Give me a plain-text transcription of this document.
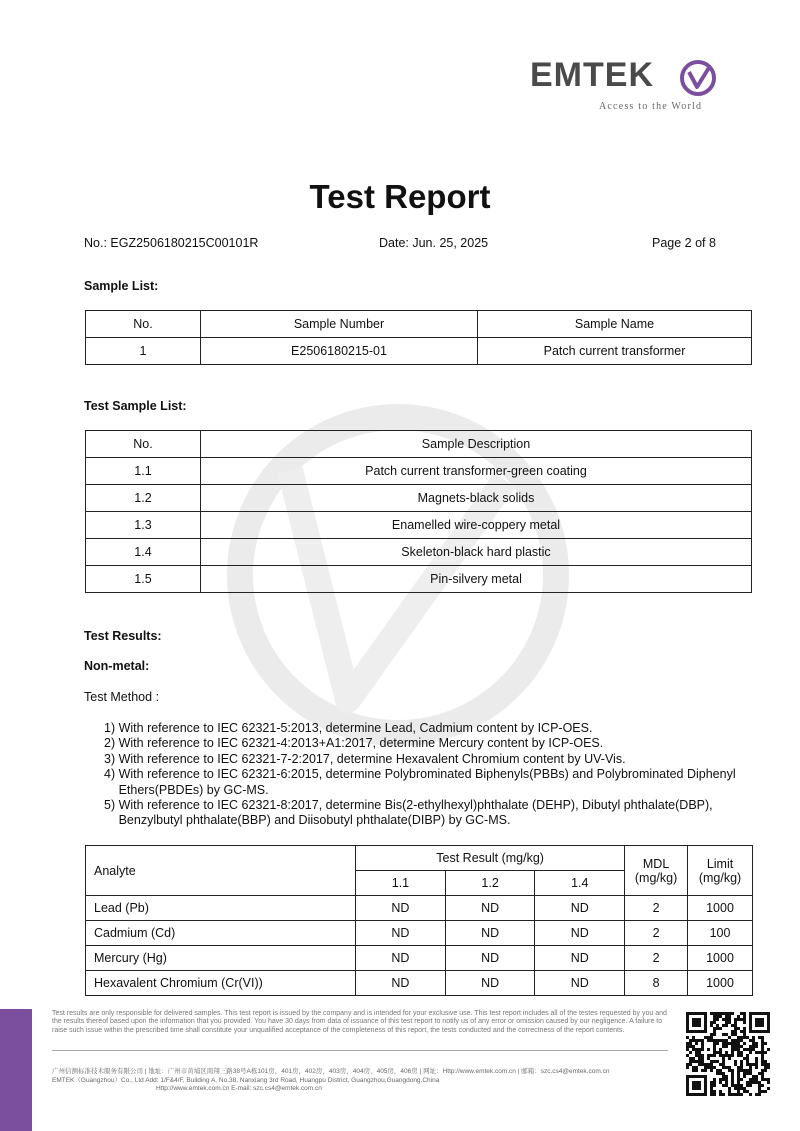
EMTEK
Access to the World
Test Report
No.: EGZ2506180215C00101R	Date: Jun. 25, 2025	Page 2 of 8
Sample List:
No.	Sample Number	Sample Name
1	E2506180215-01	Patch current transformer
Test Sample List:
No.	Sample Description
1.1	Patch current transformer-green coating
1.2	Magnets-black solids
1.3	Enamelled wire-coppery metal
1.4	Skeleton-black hard plastic
1.5	Pin-silvery metal
Test Results:
Non-metal:
Test Method :
1) With reference to IEC 62321-5:2013, determine Lead, Cadmium content by ICP-OES.
2) With reference to IEC 62321-4:2013+A1:2017, determine Mercury content by ICP-OES.
3) With reference to IEC 62321-7-2:2017, determine Hexavalent Chromium content by UV-Vis.
4) With reference to IEC 62321-6:2015, determine Polybrominated Biphenyls(PBBs) and Polybrominated Diphenyl Ethers(PBDEs) by GC-MS.
5) With reference to IEC 62321-8:2017, determine Bis(2-ethylhexyl)phthalate (DEHP), Dibutyl phthalate(DBP), Benzylbutyl phthalate(BBP) and Diisobutyl phthalate(DIBP) by GC-MS.
Analyte	Test Result (mg/kg)			MDL (mg/kg)	Limit (mg/kg)
	1.1	1.2	1.4		
Lead (Pb)	ND	ND	ND	2	1000
Cadmium (Cd)	ND	ND	ND	2	100
Mercury (Hg)	ND	ND	ND	2	1000
Hexavalent Chromium (Cr(VI))	ND	ND	ND	8	1000
Test results are only responsible for delivered samples. This test report is issued by the company and is intended for your exclusive use. This test report includes all of the testes requested by you and the results thereof based upon the information that you provided. You have 30 days from data of issuance of this test report to notify us of any error or omission caused by our negligence. A failure to raise such issue within the prescribed time shall constitute your unqualified acceptance of the completeness of this report, the tests conducted and the correctness of the report contents.
广州信测标准技术服务有限公司 | 地址：广州市黄埔区南翔三路38号A栋101房，401房，402房，403房，404房，405房，406房 | 网址：Http://www.emtek.com.cn | 邮箱：szc.cs4@emtek.com.cn
EMTEK（Guangzhou）Co., Ltd Add: 1/F&4/F, Building A, No.38, Nanxiang 3rd Road, Huangpu District, Guangzhou,Guangdong,China
Http://www.emtek.com.cn E-mail: szc.cs4@emtek.com.cn
